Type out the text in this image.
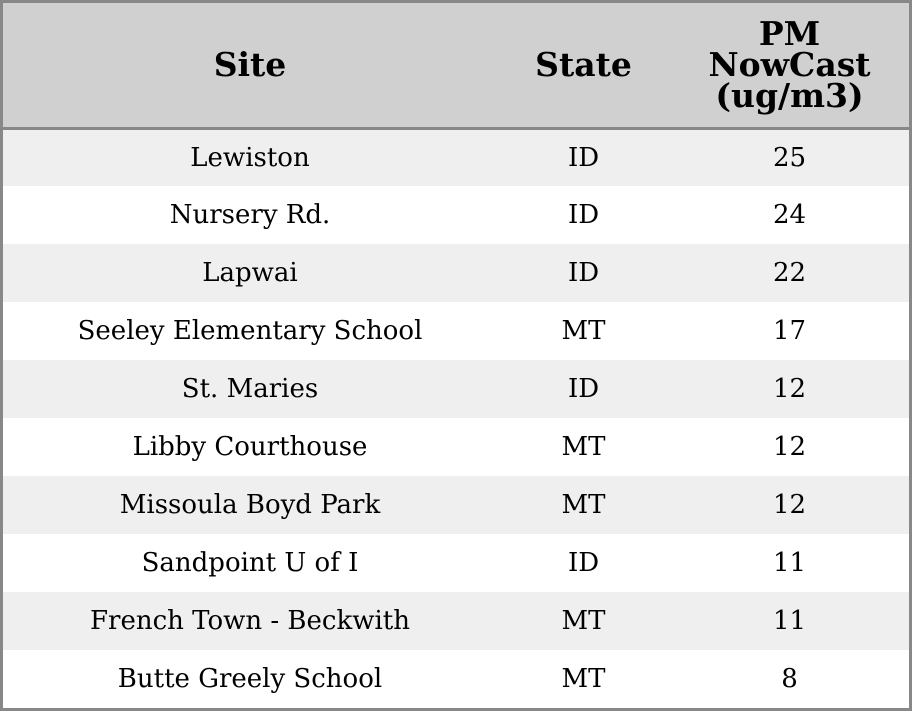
Site	State	PM
NowCast
(ug/m3)

Lewiston	ID	25
Nursery Rd.	ID	24
Lapwai	ID	22
Seeley Elementary School	MT	17
St. Maries	ID	12
Libby Courthouse	MT	12
Missoula Boyd Park	MT	12
Sandpoint U of I	ID	11
French Town - Beckwith	MT	11
Butte Greely School	MT	8
